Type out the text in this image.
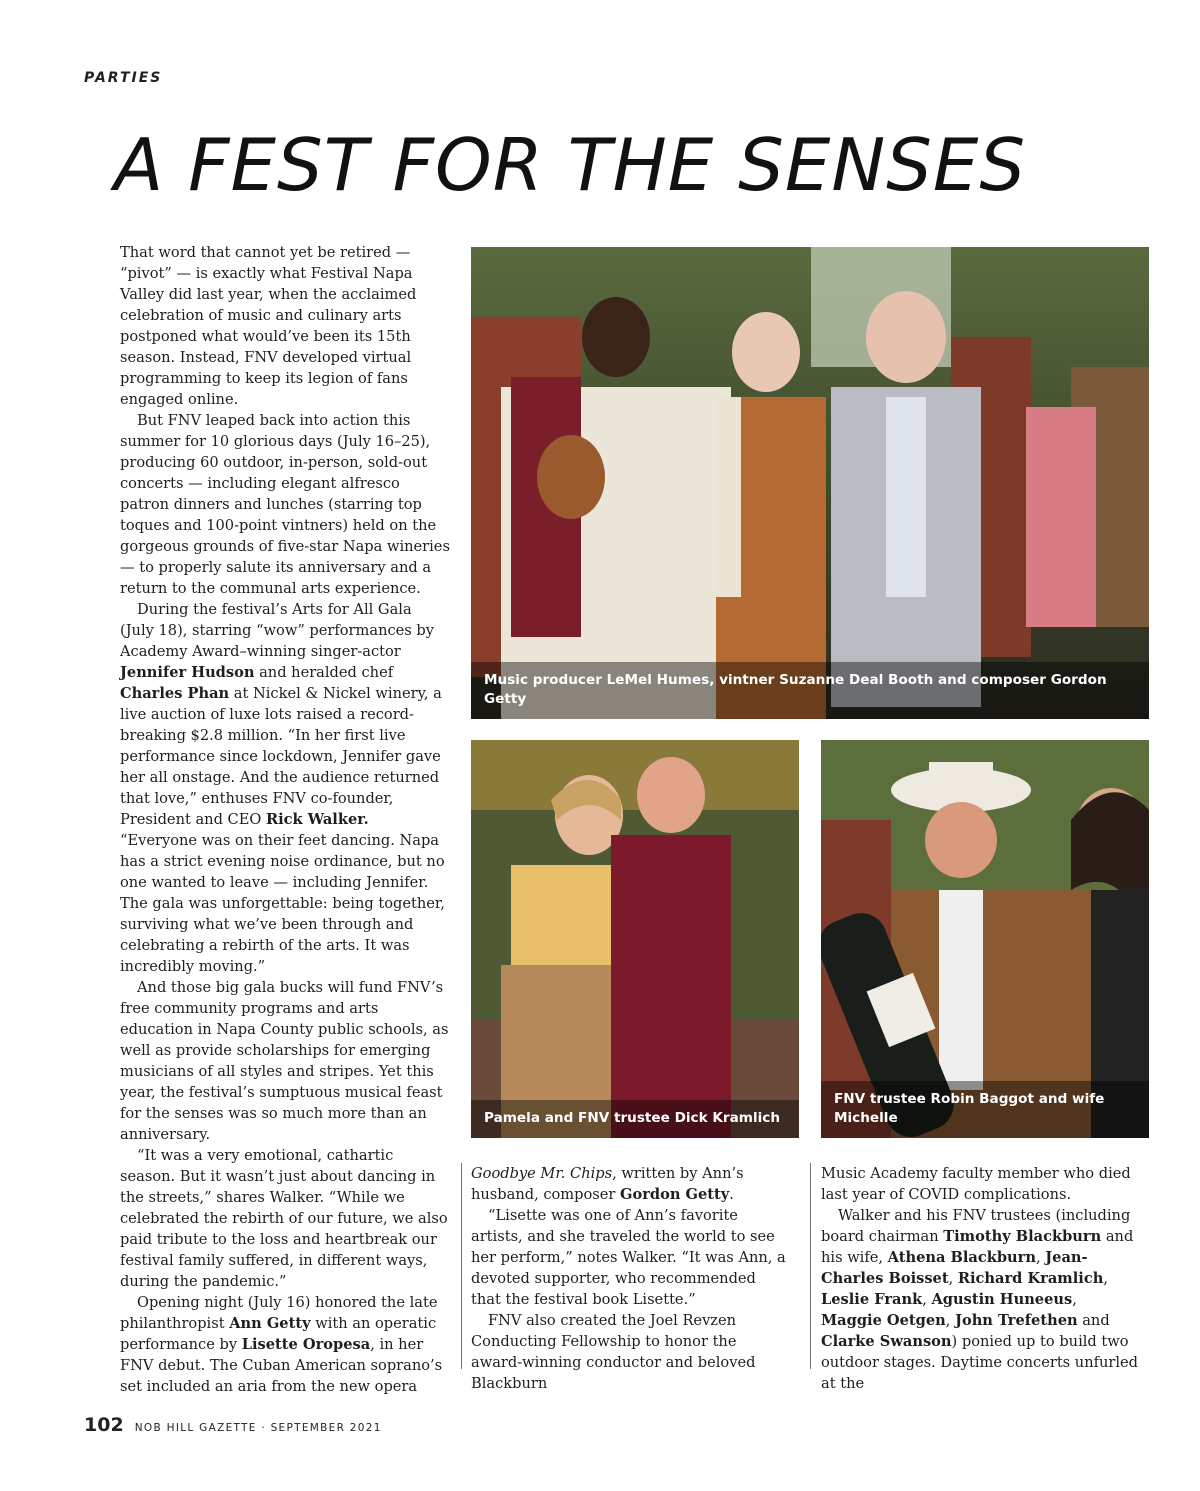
PARTIES
A FEST FOR THE SENSES

That word that cannot yet be retired — “pivot” — is exactly what Festival Napa Valley did last year, when the acclaimed celebration of music and culinary arts postponed what would’ve been its 15th season. Instead, FNV developed virtual programming to keep its legion of fans engaged online.

But FNV leaped back into action this summer for 10 glorious days (July 16–25), producing 60 outdoor, in-person, sold-out concerts — including elegant alfresco patron dinners and lunches (starring top toques and 100-point vintners) held on the gorgeous grounds of five-star Napa wineries — to properly salute its anniversary and a return to the communal arts experience.

During the festival’s Arts for All Gala (July 18), starring “wow” performances by Academy Award–winning singer-actor Jennifer Hudson and heralded chef Charles Phan at Nickel & Nickel winery, a live auction of luxe lots raised a record-breaking $2.8 million. “In her first live performance since lockdown, Jennifer gave her all onstage. And the audience returned that love,” enthuses FNV co-founder, President and CEO Rick Walker. “Everyone was on their feet dancing. Napa has a strict evening noise ordinance, but no one wanted to leave — including Jennifer. The gala was unforgettable: being together, surviving what we’ve been through and celebrating a rebirth of the arts. It was incredibly moving.”

And those big gala bucks will fund FNV’s free community programs and arts education in Napa County public schools, as well as provide scholarships for emerging musicians of all styles and stripes. Yet this year, the festival’s sumptuous musical feast for the senses was so much more than an anniversary.

“It was a very emotional, cathartic season. But it wasn’t just about dancing in the streets,” shares Walker. “While we celebrated the rebirth of our future, we also paid tribute to the loss and heartbreak our festival family suffered, in different ways, during the pandemic.”

Opening night (July 16) honored the late philanthropist Ann Getty with an operatic performance by Lisette Oropesa, in her FNV debut. The Cuban American soprano’s set included an aria from the new opera

Music producer LeMel Humes, vintner Suzanne Deal Booth and composer Gordon Getty
Pamela and FNV trustee Dick Kramlich
FNV trustee Robin Baggot and wife Michelle

Goodbye Mr. Chips, written by Ann’s husband, composer Gordon Getty.

“Lisette was one of Ann’s favorite artists, and she traveled the world to see her perform,” notes Walker. “It was Ann, a devoted supporter, who recommended that the festival book Lisette.”

FNV also created the Joel Revzen Conducting Fellowship to honor the award-winning conductor and beloved Blackburn

Music Academy faculty member who died last year of COVID complications.

Walker and his FNV trustees (including board chairman Timothy Blackburn and his wife, Athena Blackburn, Jean-Charles Boisset, Richard Kramlich, Leslie Frank, Agustin Huneeus, Maggie Oetgen, John Trefethen and Clarke Swanson) ponied up to build two outdoor stages. Daytime concerts unfurled at the

102 NOB HILL GAZETTE · SEPTEMBER 2021
